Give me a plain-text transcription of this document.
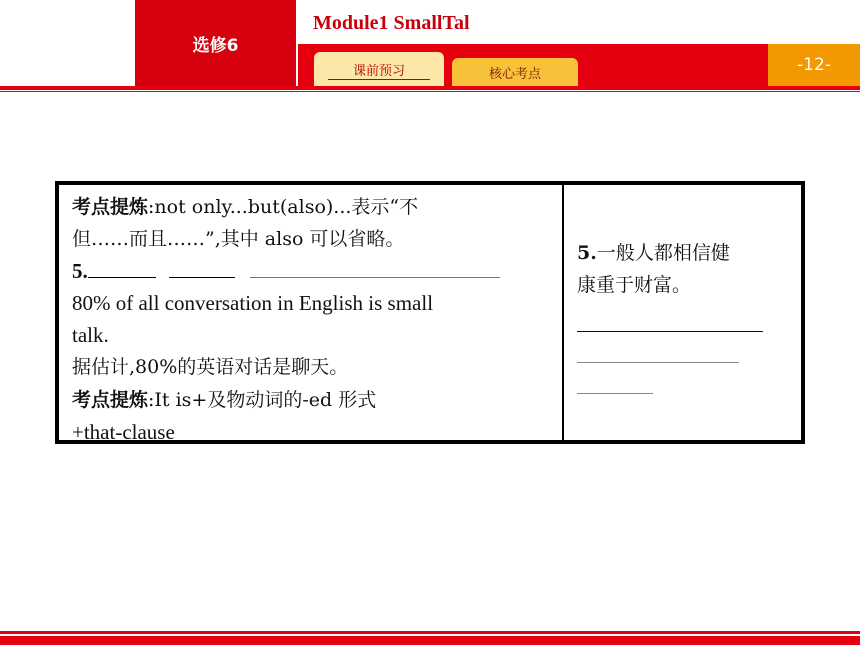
选修6
Module1 SmallTal
课前预习	核心考点	-12-
考点提炼:not only...but(also)...表示“不
但……而且……”,其中 also 可以省略。
5.
80% of all conversation in English is small
talk.
据估计,80%的英语对话是聊天。
考点提炼:It is+及物动词的-ed 形式
+that-clause
5.一般人都相信健
康重于财富。
